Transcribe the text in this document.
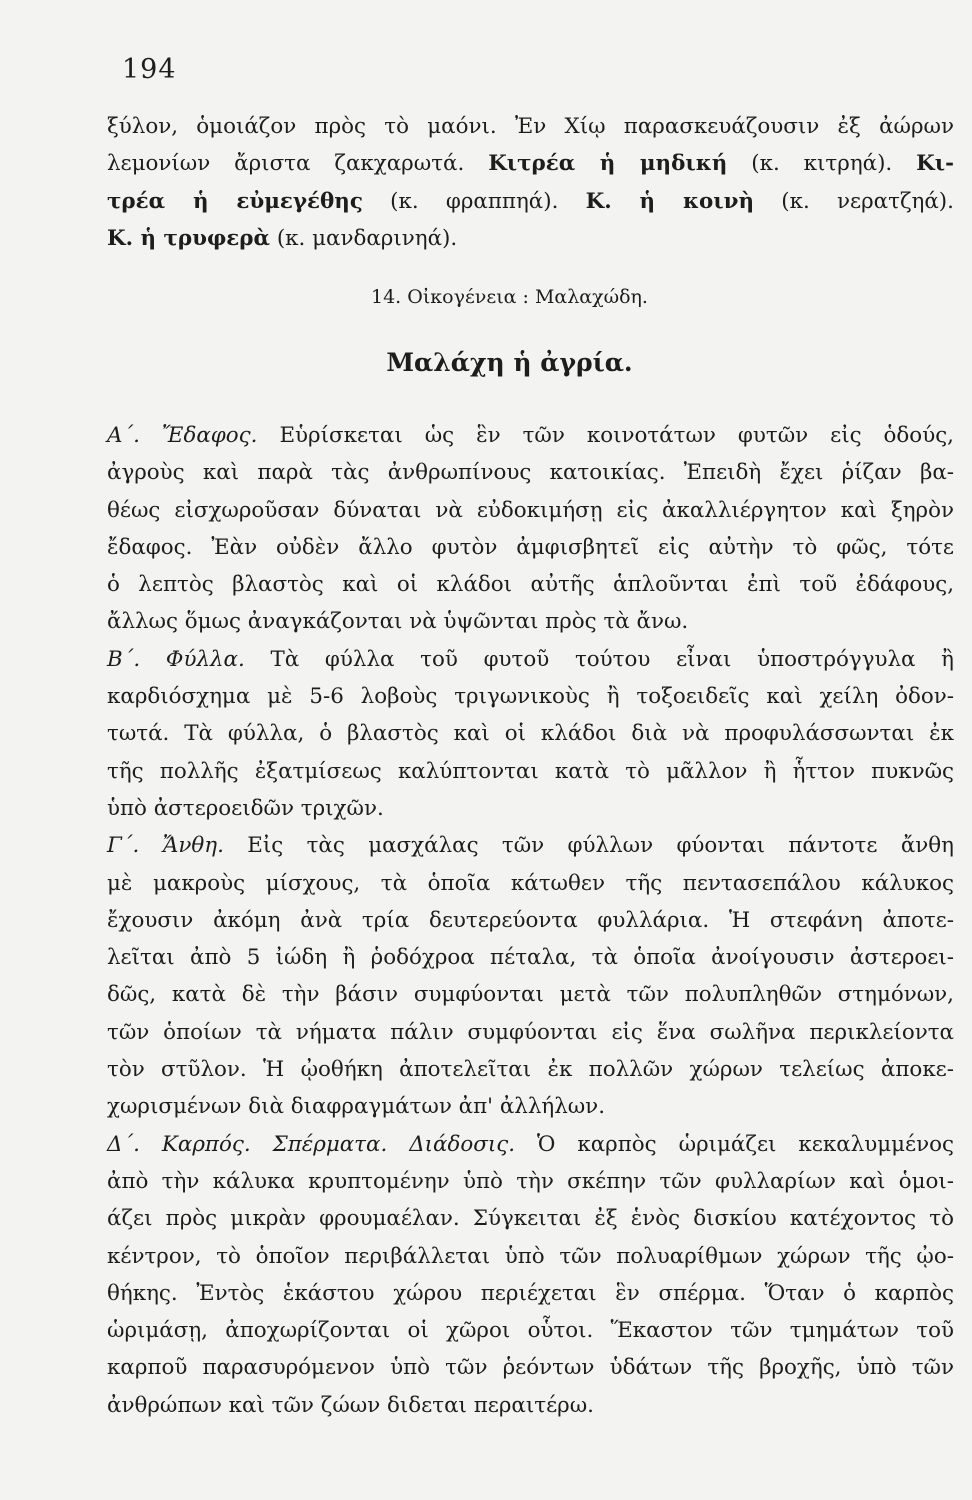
194
ξύλον, ὁμοιάζον πρὸς τὸ μαόνι. Ἐν Χίῳ παρασκευάζουσιν ἐξ ἀώρων
λεμονίων ἄριστα ζακχαρωτά. Κιτρέα ἡ μηδική (κ. κιτρηά). Κι-
τρέα ἡ εὐμεγέθης (κ. φραππηά). Κ. ἡ κοινὴ (κ. νερατζηά).
Κ. ἡ τρυφερὰ (κ. μανδαρινηά).
14. Οἰκογένεια : Μαλαχώδη.
Μαλάχη ἡ ἀγρία.
Α΄. Ἔδαφος. Εὑρίσκεται ὡς ἓν τῶν κοινοτάτων φυτῶν εἰς ὁδούς,
ἀγροὺς καὶ παρὰ τὰς ἀνθρωπίνους κατοικίας. Ἐπειδὴ ἔχει ῥίζαν βα-
θέως εἰσχωροῦσαν δύναται νὰ εὐδοκιμήσῃ εἰς ἀκαλλιέργητον καὶ ξηρὸν
ἔδαφος. Ἐὰν οὐδὲν ἄλλο φυτὸν ἀμφισβητεῖ εἰς αὐτὴν τὸ φῶς, τότε
ὁ λεπτὸς βλαστὸς καὶ οἱ κλάδοι αὐτῆς ἁπλοῦνται ἐπὶ τοῦ ἐδάφους,
ἄλλως ὅμως ἀναγκάζονται νὰ ὑψῶνται πρὸς τὰ ἄνω.
Β΄. Φύλλα. Τὰ φύλλα τοῦ φυτοῦ τούτου εἶναι ὑποστρόγγυλα ἢ
καρδιόσχημα μὲ 5-6 λοβοὺς τριγωνικοὺς ἢ τοξοειδεῖς καὶ χείλη ὀδον-
τωτά. Τὰ φύλλα, ὁ βλαστὸς καὶ οἱ κλάδοι διὰ νὰ προφυλάσσωνται ἐκ
τῆς πολλῆς ἐξατμίσεως καλύπτονται κατὰ τὸ μᾶλλον ἢ ἧττον πυκνῶς
ὑπὸ ἀστεροειδῶν τριχῶν.
Γ΄. Ἄνθη. Εἰς τὰς μασχάλας τῶν φύλλων φύονται πάντοτε ἄνθη
μὲ μακροὺς μίσχους, τὰ ὁποῖα κάτωθεν τῆς πεντασεπάλου κάλυκος
ἔχουσιν ἀκόμη ἀνὰ τρία δευτερεύοντα φυλλάρια. Ἡ στεφάνη ἀποτε-
λεῖται ἀπὸ 5 ἰώδη ἢ ῥοδόχροα πέταλα, τὰ ὁποῖα ἀνοίγουσιν ἀστεροει-
δῶς, κατὰ δὲ τὴν βάσιν συμφύονται μετὰ τῶν πολυπληθῶν στημόνων,
τῶν ὁποίων τὰ νήματα πάλιν συμφύονται εἰς ἕνα σωλῆνα περικλείοντα
τὸν στῦλον. Ἡ ᾠοθήκη ἀποτελεῖται ἐκ πολλῶν χώρων τελείως ἀποκε-
χωρισμένων διὰ διαφραγμάτων ἀπ' ἀλλήλων.
Δ΄. Καρπός. Σπέρματα. Διάδοσις. Ὁ καρπὸς ὡριμάζει κεκαλυμμένος
ἀπὸ τὴν κάλυκα κρυπτομένην ὑπὸ τὴν σκέπην τῶν φυλλαρίων καὶ ὁμοι-
άζει πρὸς μικρὰν φρουμαέλαν. Σύγκειται ἐξ ἑνὸς δισκίου κατέχοντος τὸ
κέντρον, τὸ ὁποῖον περιβάλλεται ὑπὸ τῶν πολυαρίθμων χώρων τῆς ᾠο-
θήκης. Ἐντὸς ἑκάστου χώρου περιέχεται ἓν σπέρμα. Ὅταν ὁ καρπὸς
ὡριμάσῃ, ἀποχωρίζονται οἱ χῶροι οὗτοι. Ἕκαστον τῶν τμημάτων τοῦ
καρποῦ παρασυρόμενον ὑπὸ τῶν ῥεόντων ὑδάτων τῆς βροχῆς, ὑπὸ τῶν
ἀνθρώπων καὶ τῶν ζώων διδεται περαιτέρω.
